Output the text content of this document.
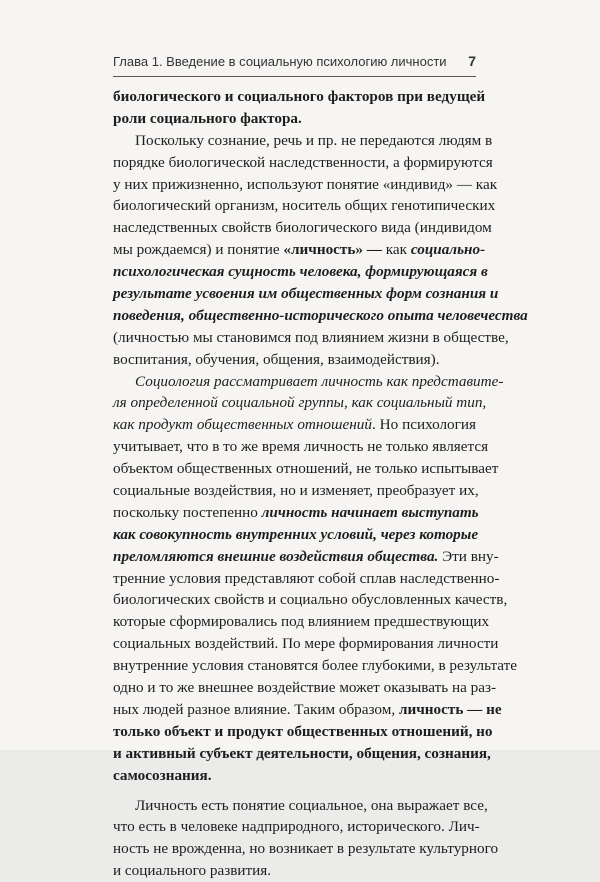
Глава 1. Введение в социальную психологию личности 7
биологического и социального факторов при ведущей
роли социального фактора.
Поскольку сознание, речь и пр. не передаются людям в
порядке биологической наследственности, а формируются
у них прижизненно, используют понятие «индивид» — как
биологический организм, носитель общих генотипических
наследственных свойств биологического вида (индивидом
мы рождаемся) и понятие «личность» — как социально-
психологическая сущность человека, формирующаяся в
результате усвоения им общественных форм сознания и
поведения, общественно-исторического опыта человечества
(личностью мы становимся под влиянием жизни в обществе,
воспитания, обучения, общения, взаимодействия).
Социология рассматривает личность как представите-
ля определенной социальной группы, как социальный тип,
как продукт общественных отношений. Но психология
учитывает, что в то же время личность не только является
объектом общественных отношений, не только испытывает
социальные воздействия, но и изменяет, преобразует их,
поскольку постепенно личность начинает выступать
как совокупность внутренних условий, через которые
преломляются внешние воздействия общества. Эти вну-
тренние условия представляют собой сплав наследственно-
биологических свойств и социально обусловленных качеств,
которые сформировались под влиянием предшествующих
социальных воздействий. По мере формирования личности
внутренние условия становятся более глубокими, в результате
одно и то же внешнее воздействие может оказывать на раз-
ных людей разное влияние. Таким образом, личность — не
только объект и продукт общественных отношений, но
и активный субъект деятельности, общения, сознания,
самосознания.
Личность есть понятие социальное, она выражает все,
что есть в человеке надприродного, исторического. Лич-
ность не врожденна, но возникает в результате культурного
и социального развития.
